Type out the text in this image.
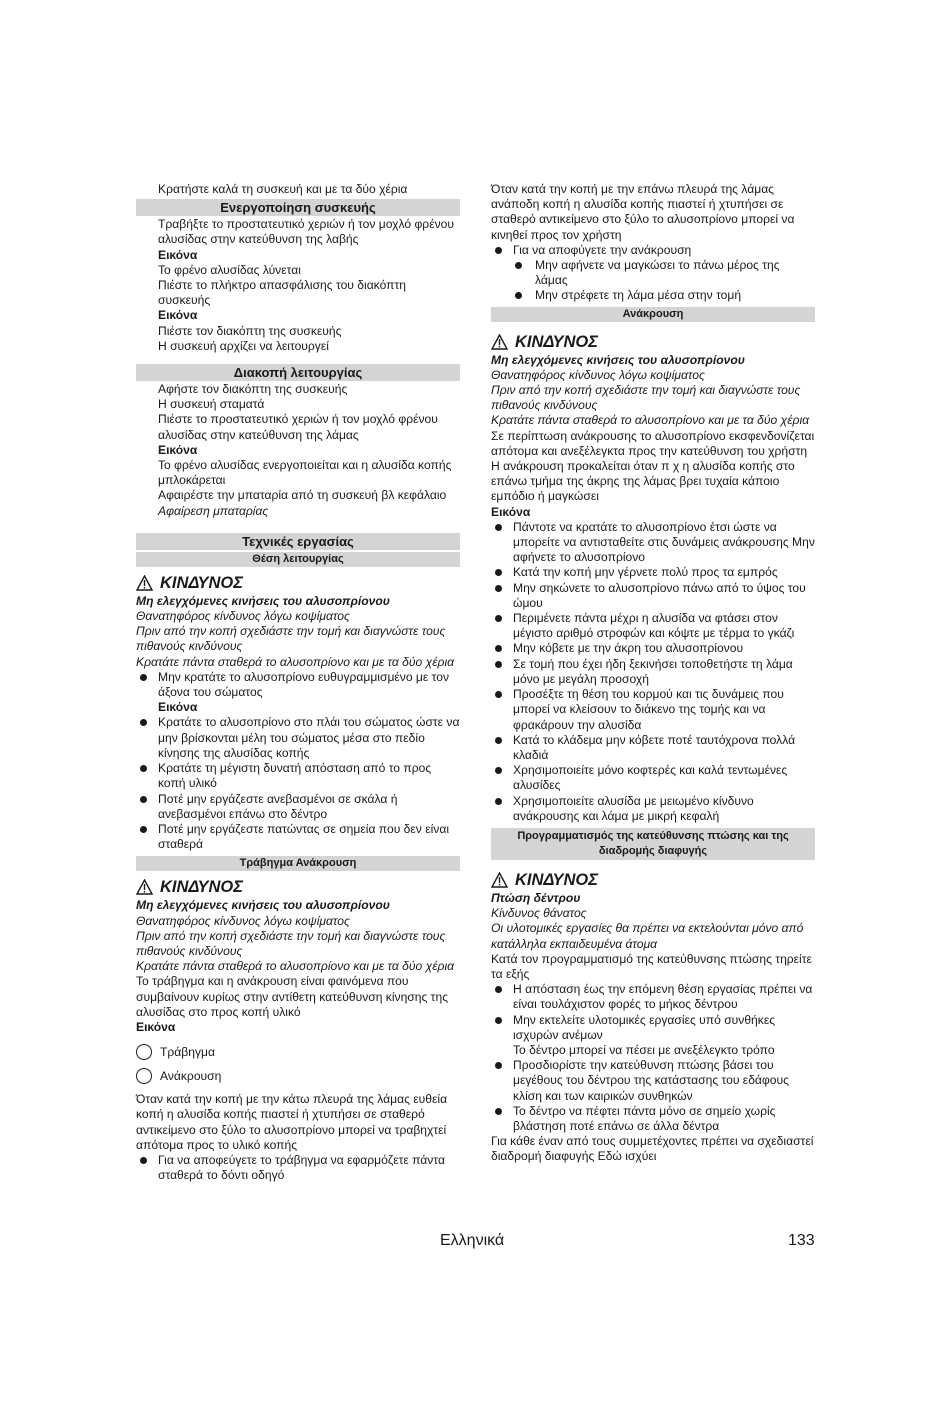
Κρατήστε καλά τη συσκευή και με τα δύο χέρια

Ενεργοποίηση συσκευής

Τραβήξτε το προστατευτικό χεριών ή τον μοχλό φρένου αλυσίδας στην κατεύθυνση της λαβής

Εικόνα

Το φρένο αλυσίδας λύνεται

Πιέστε το πλήκτρο απασφάλισης του διακόπτη συσκευής

Εικόνα

Πιέστε τον διακόπτη της συσκευής

Η συσκευή αρχίζει να λειτουργεί

Διακοπή λειτουργίας

Αφήστε τον διακόπτη της συσκευής

Η συσκευή σταματά

Πιέστε το προστατευτικό χεριών ή τον μοχλό φρένου αλυσίδας στην κατεύθυνση της λάμας

Εικόνα

Το φρένο αλυσίδας ενεργοποιείται και η αλυσίδα κοπής μπλοκάρεται

Αφαιρέστε την μπαταρία από τη συσκευή βλ κεφάλαιο Αφαίρεση μπαταρίας

Τεχνικές εργασίας
Θέση λειτουργίας
ΚΙΝΔΥΝΟΣ

Μη ελεγχόμενες κινήσεις του αλυσοπρίονου

Θανατηφόρος κίνδυνος λόγω κοψίματος

Πριν από την κοπή σχεδιάστε την τομή και διαγνώστε τους πιθανούς κινδύνους

Κρατάτε πάντα σταθερά το αλυσοπρίονο και με τα δύο χέρια

Μην κρατάτε το αλυσοπρίονο ευθυγραμμισμένο με τον άξονα του σώματος
Εικόνα
Κρατάτε το αλυσοπρίονο στο πλάι του σώματος ώστε να μην βρίσκονται μέλη του σώματος μέσα στο πεδίο κίνησης της αλυσίδας κοπής
Κρατάτε τη μέγιστη δυνατή απόσταση από το προς κοπή υλικό
Ποτέ μην εργάζεστε ανεβασμένοι σε σκάλα ή ανεβασμένοι επάνω στο δέντρο
Ποτέ μην εργάζεστε πατώντας σε σημεία που δεν είναι σταθερά
Τράβηγμα Ανάκρουση
ΚΙΝΔΥΝΟΣ

Μη ελεγχόμενες κινήσεις του αλυσοπρίονου

Θανατηφόρος κίνδυνος λόγω κοψίματος

Πριν από την κοπή σχεδιάστε την τομή και διαγνώστε τους πιθανούς κινδύνους

Κρατάτε πάντα σταθερά το αλυσοπρίονο και με τα δύο χέρια

Το τράβηγμα και η ανάκρουση είναι φαινόμενα που συμβαίνουν κυρίως στην αντίθετη κατεύθυνση κίνησης της αλυσίδας στο προς κοπή υλικό

Εικόνα

Τράβηγμα
Ανάκρουση

Όταν κατά την κοπή με την κάτω πλευρά της λάμας ευθεία κοπή η αλυσίδα κοπής πιαστεί ή χτυπήσει σε σταθερό αντικείμενο στο ξύλο το αλυσοπρίονο μπορεί να τραβηχτεί απότομα προς το υλικό κοπής

Για να αποφεύγετε το τράβηγμα να εφαρμόζετε πάντα σταθερά το δόντι οδηγό

Όταν κατά την κοπή με την επάνω πλευρά της λάμας ανάποδη κοπή η αλυσίδα κοπής πιαστεί ή χτυπήσει σε σταθερό αντικείμενο στο ξύλο το αλυσοπρίονο μπορεί να κινηθεί προς τον χρήστη

Για να αποφύγετε την ανάκρουση
Μην αφήνετε να μαγκώσει το πάνω μέρος της λάμας
Μην στρέφετε τη λάμα μέσα στην τομή
Ανάκρουση
ΚΙΝΔΥΝΟΣ

Μη ελεγχόμενες κινήσεις του αλυσοπρίονου

Θανατηφόρος κίνδυνος λόγω κοψίματος

Πριν από την κοπή σχεδιάστε την τομή και διαγνώστε τους πιθανούς κινδύνους

Κρατάτε πάντα σταθερά το αλυσοπρίονο και με τα δύο χέρια

Σε περίπτωση ανάκρουσης το αλυσοπρίονο εκσφενδονίζεται απότομα και ανεξέλεγκτα προς την κατεύθυνση του χρήστη

Η ανάκρουση προκαλείται όταν π χ η αλυσίδα κοπής στο επάνω τμήμα της άκρης της λάμας βρει τυχαία κάποιο εμπόδιο ή μαγκώσει

Εικόνα

Πάντοτε να κρατάτε το αλυσοπρίονο έτσι ώστε να μπορείτε να αντισταθείτε στις δυνάμεις ανάκρουσης Μην αφήνετε το αλυσοπρίονο
Κατά την κοπή μην γέρνετε πολύ προς τα εμπρός
Μην σηκώνετε το αλυσοπρίονο πάνω από το ύψος του ώμου
Περιμένετε πάντα μέχρι η αλυσίδα να φτάσει στον μέγιστο αριθμό στροφών και κόψτε με τέρμα το γκάζι
Μην κόβετε με την άκρη του αλυσοπρίονου
Σε τομή που έχει ήδη ξεκινήσει τοποθετήστε τη λάμα μόνο με μεγάλη προσοχή
Προσέξτε τη θέση του κορμού και τις δυνάμεις που μπορεί να κλείσουν το διάκενο της τομής και να φρακάρουν την αλυσίδα
Κατά το κλάδεμα μην κόβετε ποτέ ταυτόχρονα πολλά κλαδιά
Χρησιμοποιείτε μόνο κοφτερές και καλά τεντωμένες αλυσίδες
Χρησιμοποιείτε αλυσίδα με μειωμένο κίνδυνο ανάκρουσης και λάμα με μικρή κεφαλή
Προγραμματισμός της κατεύθυνσης πτώσης και της διαδρομής διαφυγής
ΚΙΝΔΥΝΟΣ

Πτώση δέντρου

Κίνδυνος θάνατος

Οι υλοτομικές εργασίες θα πρέπει να εκτελούνται μόνο από κατάλληλα εκπαιδευμένα άτομα

Κατά τον προγραμματισμό της κατεύθυνσης πτώσης τηρείτε τα εξής

Η απόσταση έως την επόμενη θέση εργασίας πρέπει να είναι τουλάχιστον φορές το μήκος δέντρου
Μην εκτελείτε υλοτομικές εργασίες υπό συνθήκες ισχυρών ανέμων
Το δέντρο μπορεί να πέσει με ανεξέλεγκτο τρόπο
Προσδιορίστε την κατεύθυνση πτώσης βάσει του μεγέθους του δέντρου της κατάστασης του εδάφους κλίση και των καιρικών συνθηκών
Το δέντρο να πέφτει πάντα μόνο σε σημείο χωρίς βλάστηση ποτέ επάνω σε άλλα δέντρα

Για κάθε έναν από τους συμμετέχοντες πρέπει να σχεδιαστεί διαδρομή διαφυγής Εδώ ισχύει

Ελληνικά	133
